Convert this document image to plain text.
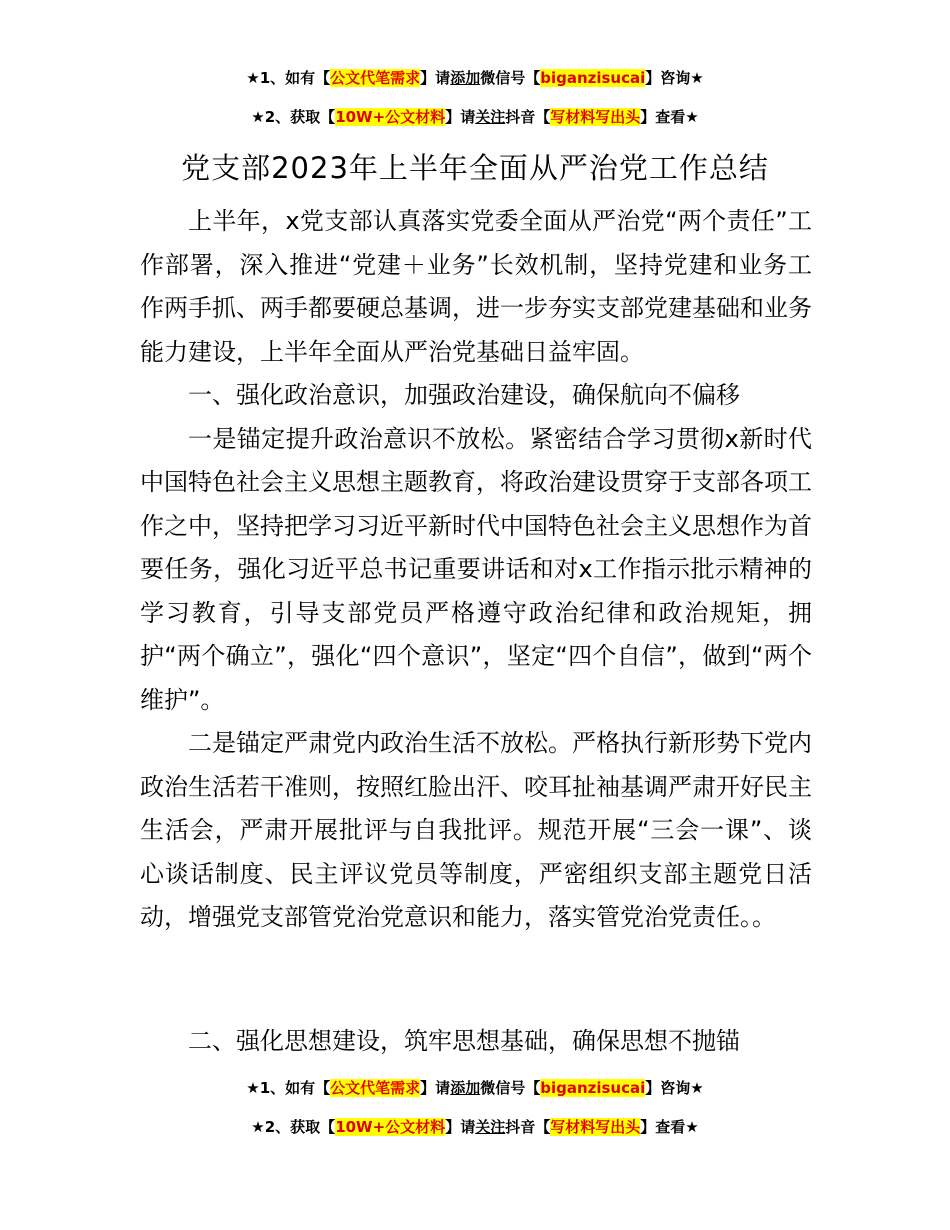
★1、如有【公文代笔需求】请添加微信号【biganzisucai】咨询★
★2、获取【10W+公文材料】请关注抖音【写材料写出头】查看★
党支部2023年上半年全面从严治党工作总结

上半年，x党支部认真落实党委全面从严治党“两个责任”工作部署，深入推进“党建＋业务”长效机制，坚持党建和业务工作两手抓、两手都要硬总基调，进一步夯实支部党建基础和业务能力建设，上半年全面从严治党基础日益牢固。

一、强化政治意识，加强政治建设，确保航向不偏移

一是锚定提升政治意识不放松。紧密结合学习贯彻x新时代中国特色社会主义思想主题教育，将政治建设贯穿于支部各项工作之中，坚持把学习习近平新时代中国特色社会主义思想作为首要任务，强化习近平总书记重要讲话和对x工作指示批示精神的学习教育，引导支部党员严格遵守政治纪律和政治规矩，拥护“两个确立”，强化“四个意识”，坚定“四个自信”，做到“两个维护”。

二是锚定严肃党内政治生活不放松。严格执行新形势下党内政治生活若干准则，按照红脸出汗、咬耳扯袖基调严肃开好民主生活会，严肃开展批评与自我批评。规范开展“三会一课”、谈心谈话制度、民主评议党员等制度，严密组织支部主题党日活动，增强党支部管党治党意识和能力，落实管党治党责任。。

二、强化思想建设，筑牢思想基础，确保思想不抛锚

★1、如有【公文代笔需求】请添加微信号【biganzisucai】咨询★
★2、获取【10W+公文材料】请关注抖音【写材料写出头】查看★
